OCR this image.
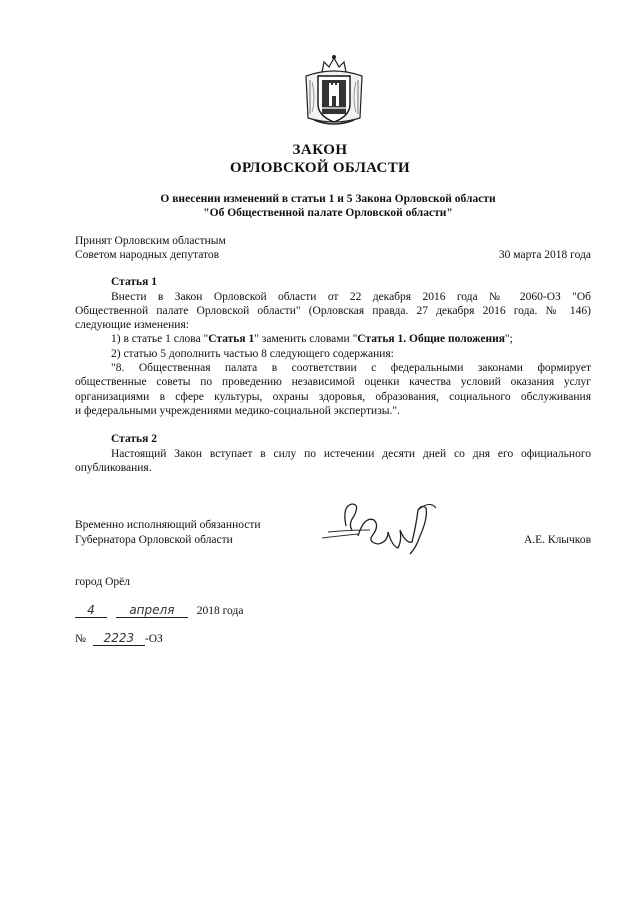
ЗАКОН
ОРЛОВСКОЙ ОБЛАСТИ
О внесении изменений в статьи 1 и 5 Закона Орловской области
"Об Общественной палате Орловской области"
Принят Орловским областным
Советом народных депутатов	30 марта 2018 года
Статья 1
Внести в Закон Орловской области от 22 декабря 2016 года № 2060-ОЗ "Об
Общественной палате Орловской области" (Орловская правда. 27 декабря 2016 года. № 146)
следующие изменения:
1) в статье 1 слова "Статья 1" заменить словами "Статья 1. Общие положения";
2) статью 5 дополнить частью 8 следующего содержания:
"8. Общественная палата в соответствии с федеральными законами формирует
общественные советы по проведению независимой оценки качества условий оказания услуг
организациями в сфере культуры, охраны здоровья, образования, социального обслуживания
и федеральными учреждениями медико-социальной экспертизы.".
Статья 2
Настоящий Закон вступает в силу по истечении десяти дней со дня его официального
опубликования.
Временно исполняющий обязанности
Губернатора Орловской области	А.Е. Клычков
город Орёл
4	апреля 2018 года
№ 2223 -ОЗ
